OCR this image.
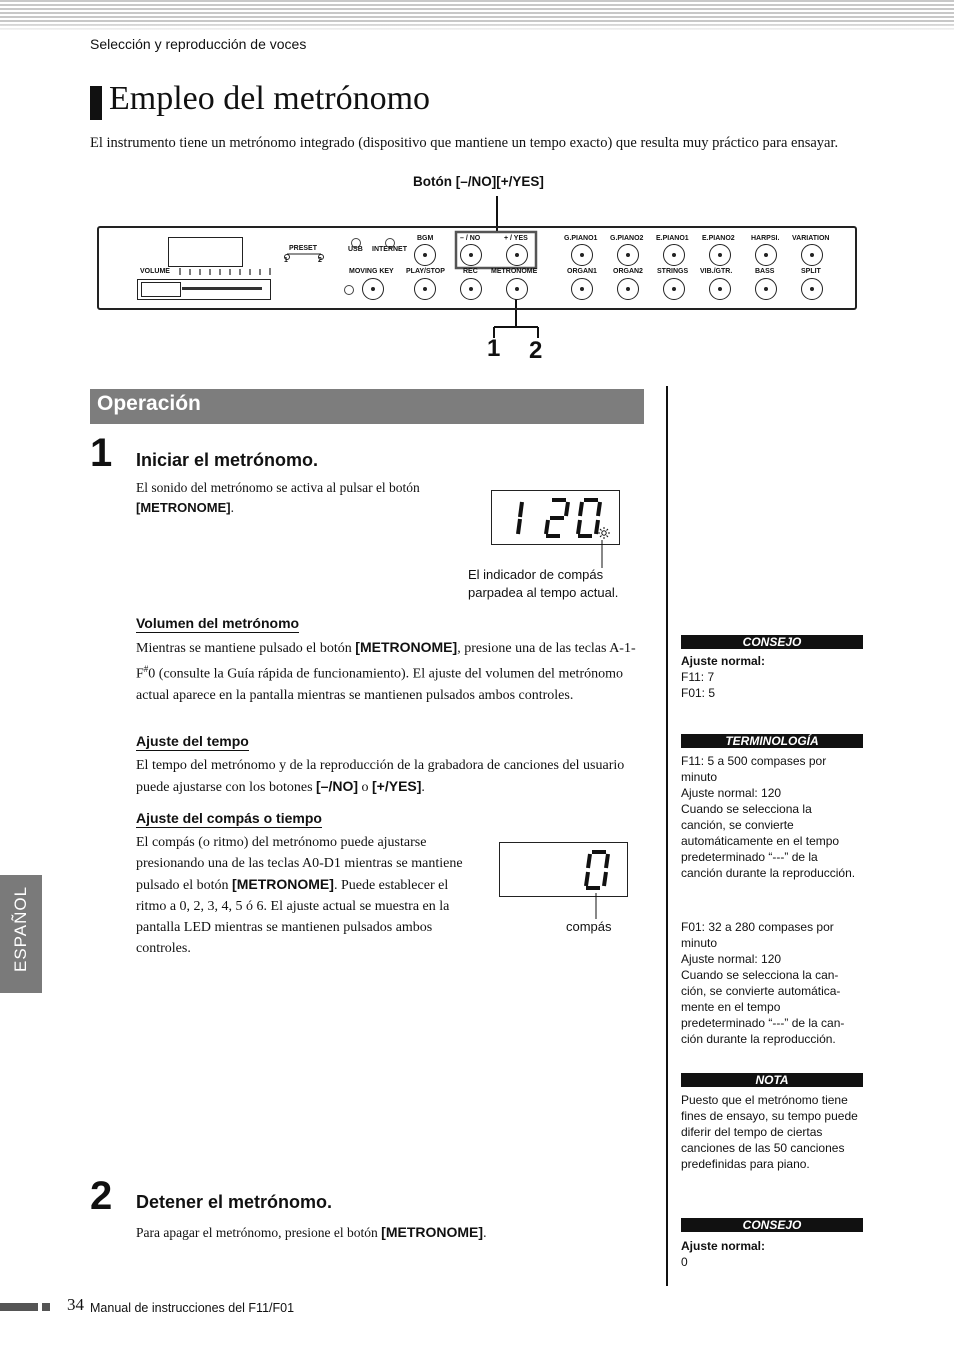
Selección y reproducción de voces
Empleo del metrónomo
El instrumento tiene un metrónomo integrado (dispositivo que mantiene un tempo exacto) que resulta muy práctico para ensayar.
Botón [–/NO][+/YES]
VOLUME
PRESET
1	2
USB INTERNET
BGM	– / NO	+ / YES
MOVING KEY PLAY/STOP	REC METRONOME
G.PIANO1 G.PIANO2 E.PIANO1 E.PIANO2 HARPSI. VARIATION
ORGAN1 ORGAN2 STRINGS VIB./GTR.	BASS	SPLIT
1 2
Operación
1 Iniciar el metrónomo.
El sonido del metrónomo se activa al pulsar el botón [METRONOME].
El indicador de compás parpadea al tempo actual.
Volumen del metrónomo
Mientras se mantiene pulsado el botón [METRONOME], presione una de las teclas A-1-F#0 (consulte la Guía rápida de funcionamiento). El ajuste del volumen del metrónomo actual aparece en la pantalla mientras se mantienen pulsados ambos controles.
Ajuste del tempo
El tempo del metrónomo y de la reproducción de la grabadora de canciones del usuario puede ajustarse con los botones [–/NO] o [+/YES].
Ajuste del compás o tiempo
El compás (o ritmo) del metrónomo puede ajustarse presionando una de las teclas A0-D1 mientras se mantiene pulsado el botón [METRONOME]. Puede establecer el ritmo a 0, 2, 3, 4, 5 ó 6. El ajuste actual se muestra en la pantalla LED mientras se mantienen pulsados ambos controles.
compás
2 Detener el metrónomo.
Para apagar el metrónomo, presione el botón [METRONOME].
CONSEJO
Ajuste normal:
F11: 7
F01: 5
TERMINOLOGÍA
F11: 5 a 500 compases por minuto
Ajuste normal: 120
Cuando se selecciona la canción, se convierte automáticamente en el tempo predeterminado “---” de la canción durante la reproducción.
F01: 32 a 280 compases por minuto
Ajuste normal: 120
Cuando se selecciona la can-ción, se convierte automática-mente en el tempo predeterminado “---” de la can-ción durante la reproducción.
NOTA
Puesto que el metrónomo tiene fines de ensayo, su tempo puede diferir del tempo de ciertas canciones de las 50 canciones predefinidas para piano.
CONSEJO
Ajuste normal:
0
ESPAÑOL
34 Manual de instrucciones del F11/F01
